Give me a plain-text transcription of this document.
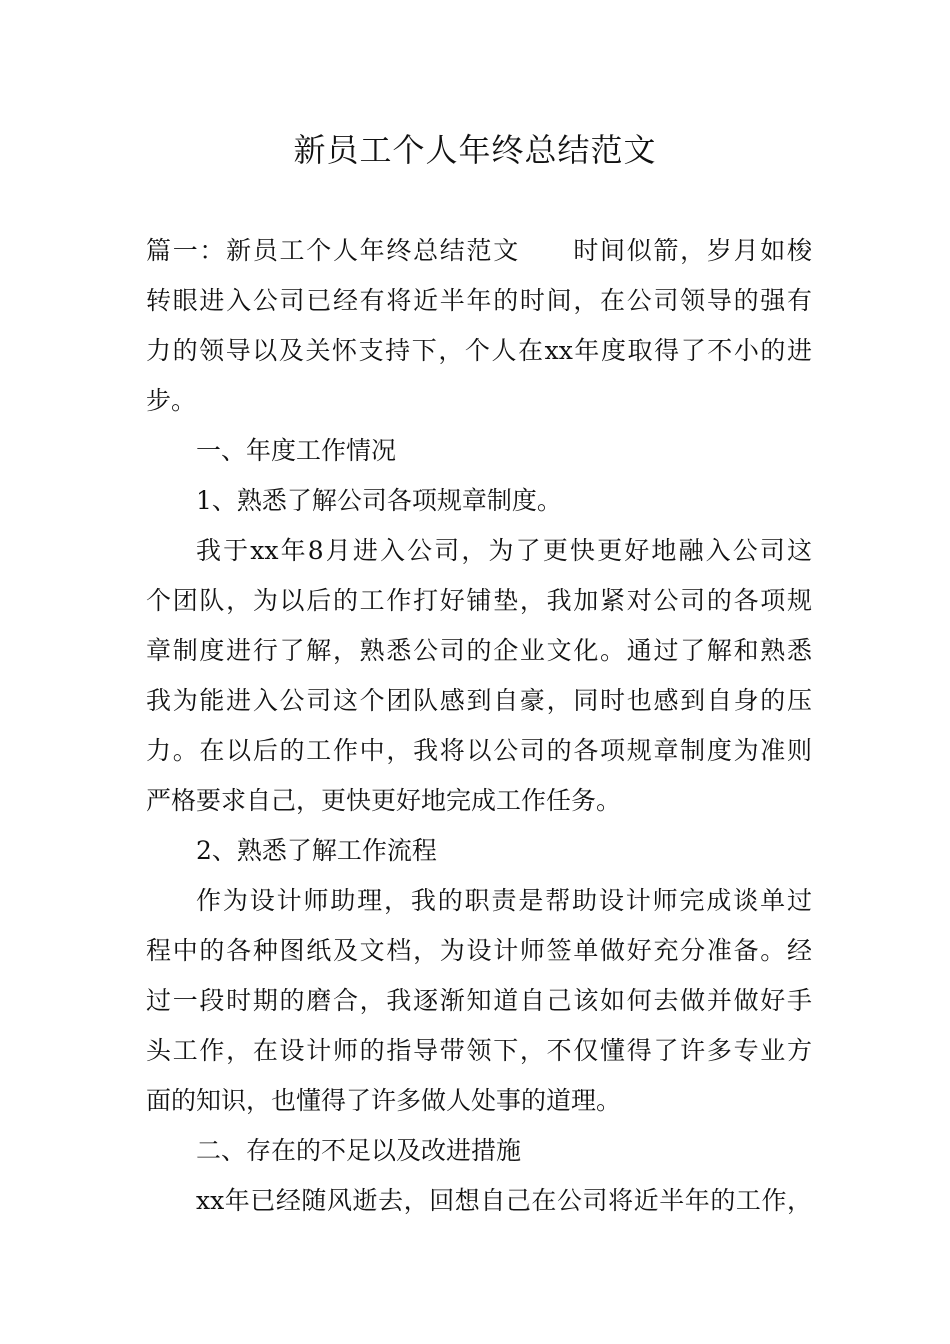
新员工个人年终总结范文
篇一：新员工个人年终总结范文　　时间似箭，岁月如梭
转眼进入公司已经有将近半年的时间，在公司领导的强有
力的领导以及关怀支持下，个人在xx年度取得了不小的进
步。
一、年度工作情况
1、熟悉了解公司各项规章制度。
我于xx年8月进入公司，为了更快更好地融入公司这
个团队，为以后的工作打好铺垫，我加紧对公司的各项规
章制度进行了解，熟悉公司的企业文化。通过了解和熟悉
我为能进入公司这个团队感到自豪，同时也感到自身的压
力。在以后的工作中，我将以公司的各项规章制度为准则
严格要求自己，更快更好地完成工作任务。
2、熟悉了解工作流程
作为设计师助理，我的职责是帮助设计师完成谈单过
程中的各种图纸及文档，为设计师签单做好充分准备。经
过一段时期的磨合，我逐渐知道自己该如何去做并做好手
头工作，在设计师的指导带领下，不仅懂得了许多专业方
面的知识，也懂得了许多做人处事的道理。
二、存在的不足以及改进措施
xx年已经随风逝去，回想自己在公司将近半年的工作，
